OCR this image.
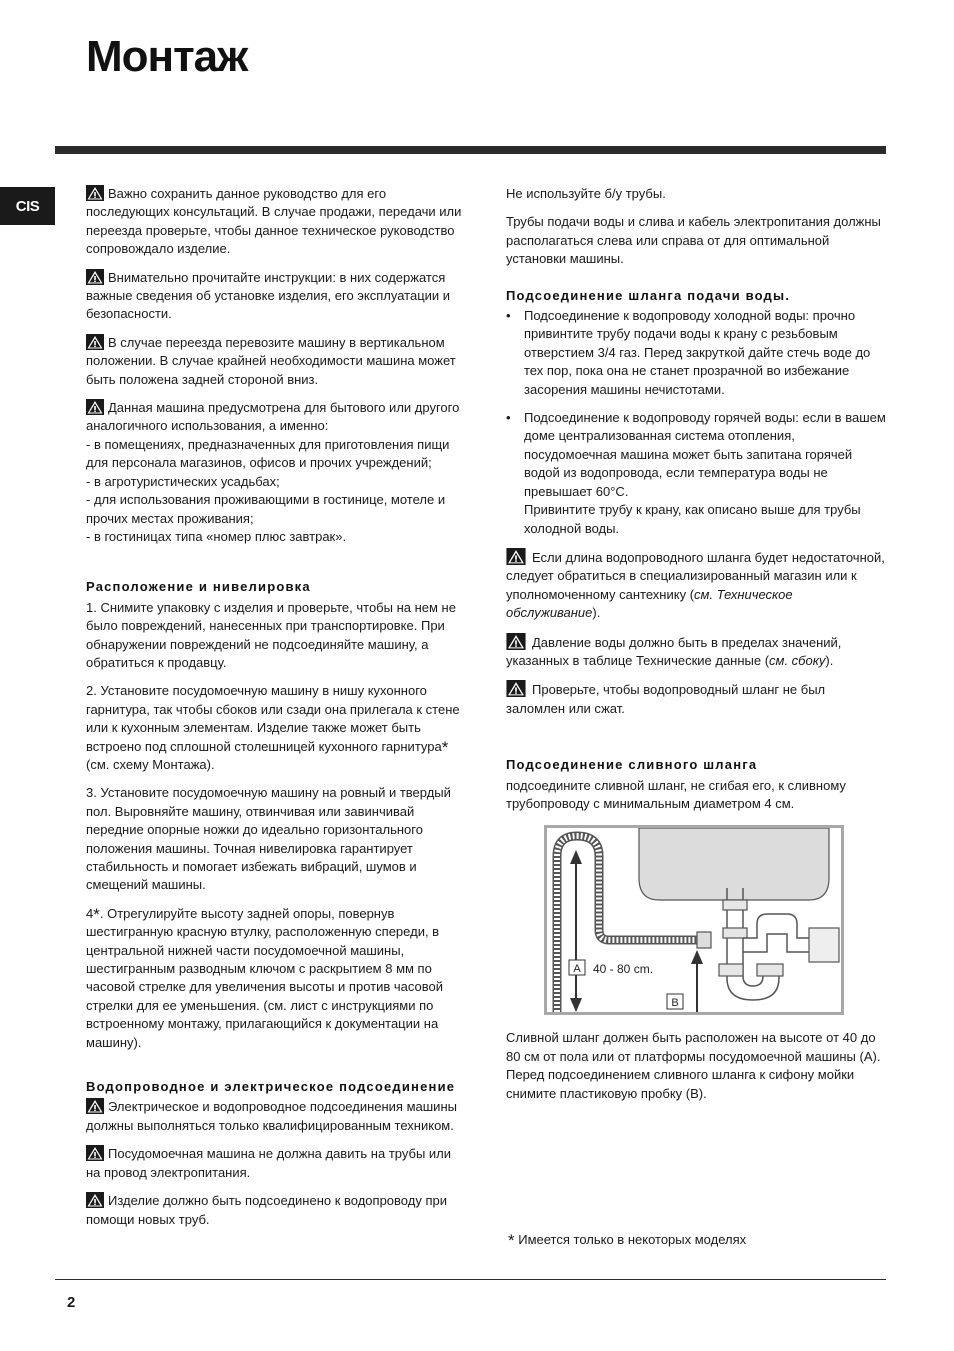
Монтаж
CIS

Важно сохранить данное руководство для его последующих консультаций. В случае продажи, передачи или переезда проверьте, чтобы данное техническое руководство сопровождало изделие.

Внимательно прочитайте инструкции: в них содержатся важные сведения об установке изделия, его эксплуатации и безопасности.

В случае переезда перевозите машину в вертикальном положении. В случае крайней необходимости машина может быть положена задней стороной вниз.

Данная машина предусмотрена для бытового или другого аналогичного использования, а именно:
- в помещениях, предназначенных для приготовления пищи для персонала магазинов, офисов и прочих учреждений;
- в агротуристических усадьбах;
- для использования проживающими в гостинице, мотеле и прочих местах проживания;
- в гостиницах типа «номер плюс завтрак».

Расположение и нивелировка

1. Снимите упаковку с изделия и проверьте, чтобы на нем не было повреждений, нанесенных при транспортировке. При обнаружении повреждений не подсоединяйте машину, а обратиться к продавцу.

2. Установите посудомоечную машину в нишу кухонного гарнитура, так чтобы сбоков или сзади она прилегала к стене или к кухонным элементам. Изделие также может быть встроено под сплошной столешницей кухонного гарнитура* (см. схему Монтажа).

3. Установите посудомоечную машину на ровный и твердый пол. Выровняйте машину, отвинчивая или завинчивай передние опорные ножки до идеально горизонтального положения машины. Точная нивелировка гарантирует стабильность и помогает избежать вибраций, шумов и смещений машины.

4*. Отрегулируйте высоту задней опоры, повернув шестигранную красную втулку, расположенную спереди, в центральной нижней части посудомоечной машины, шестигранным разводным ключом с раскрытием 8 мм по часовой стрелке для увеличения высоты и против часовой стрелки для ее уменьшения. (см. лист с инструкциями по встроенному монтажу, прилагающийся к документации на машину).

Водопроводное и электрическое подсоединение

Электрическое и водопроводное подсоединения машины должны выполняться только квалифицированным техником.

Посудомоечная машина не должна давить на трубы или на провод электропитания.

Изделие должно быть подсоединено к водопроводу при помощи новых труб.

Не используйте б/у трубы.

Трубы подачи воды и слива и кабель электропитания должны располагаться слева или справа от для оптимальной установки машины.

Подсоединение шланга подачи воды.
• Подсоединение к водопроводу холодной воды: прочно привинтите трубу подачи воды к крану с резьбовым отверстием 3/4 газ. Перед закруткой дайте стечь воде до тех пор, пока она не станет прозрачной во избежание засорения машины нечистотами.
• Подсоединение к водопроводу горячей воды: если в вашем доме централизованная система отопления, посудомоечная машина может быть запитана горячей водой из водопровода, если температура воды не превышает 60°C.
Привинтите трубу к крану, как описано выше для трубы холодной воды.

Если длина водопроводного шланга будет недостаточной, следует обратиться в специализированный магазин или к уполномоченному сантехнику (см. Техническое обслуживание).

Давление воды должно быть в пределах значений, указанных в таблице Технические данные (см. сбоку).

Проверьте, чтобы водопроводный шланг не был заломлен или сжат.

Подсоединение сливного шланга

подсоедините сливной шланг, не сгибая его, к сливному трубопроводу с минимальным диаметром 4 см.

A 40 - 80 cm.
B

Сливной шланг должен быть расположен на высоте от 40 до 80 см от пола или от платформы посудомоечной машины (А).
Перед подсоединением сливного шланга к сифону мойки снимите пластиковую пробку (В).

* Имеется только в некоторых моделях
2
